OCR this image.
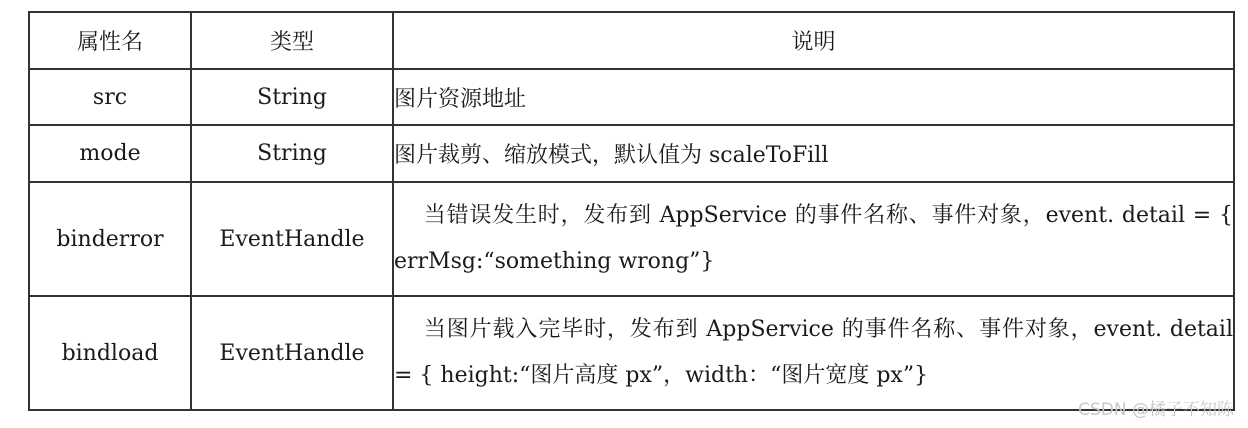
属性名	类型	说明
src	String	图片资源地址
mode	String	图片裁剪、缩放模式，默认值为 scaleToFill
binderror	EventHandle	当错误发生时，发布到 AppService 的事件名称、事件对象，event. detail = { errMsg:“something wrong”}
bindload	EventHandle	当图片载入完毕时，发布到 AppService 的事件名称、事件对象，event. detail = { height:“图片高度 px”，width：“图片宽度 px”}
CSDN @橘子不知陈
